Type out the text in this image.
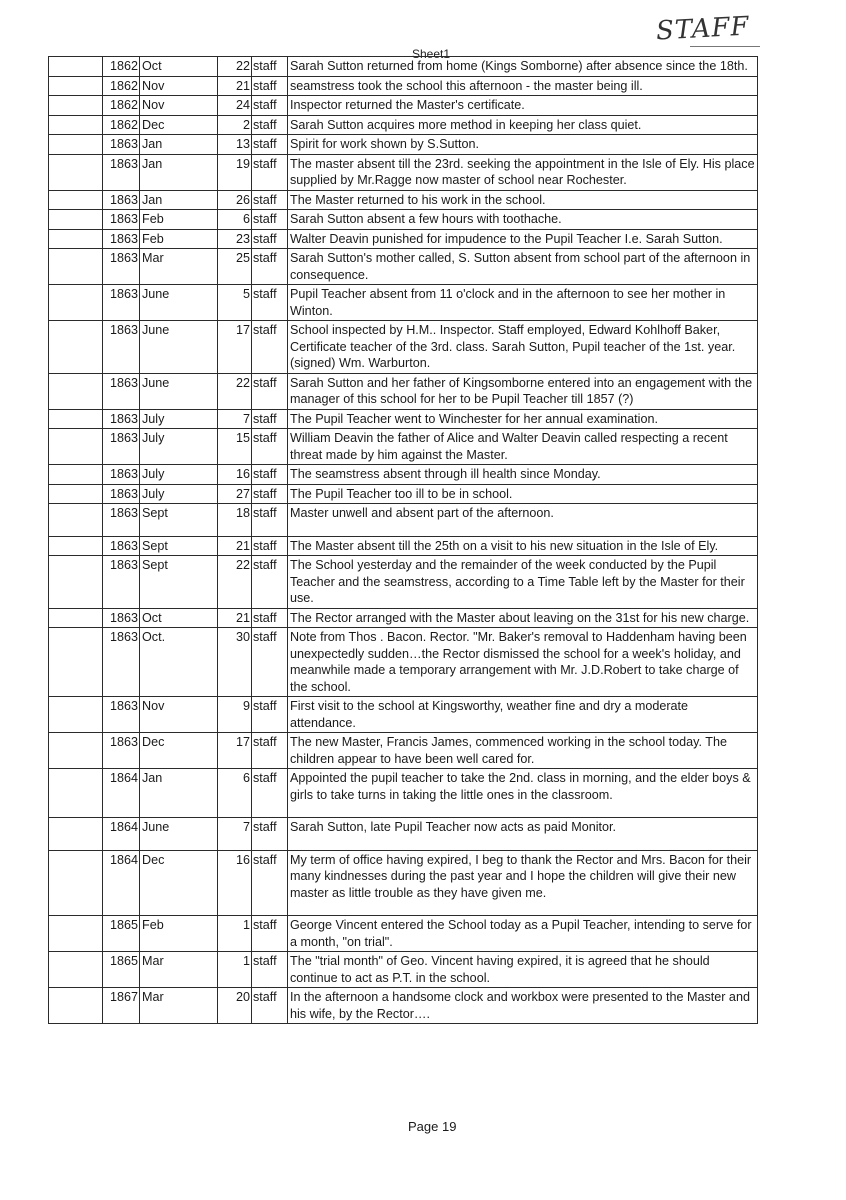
STAFF
Sheet1
	1862	Oct	22	staff	Sarah Sutton returned from home (Kings Somborne) after absence since the 18th.
	1862	Nov	21	staff	seamstress took the school this afternoon - the master being ill.
	1862	Nov	24	staff	Inspector returned the Master's certificate.
	1862	Dec	2	staff	Sarah Sutton acquires more method in keeping her class quiet.
	1863	Jan	13	staff	Spirit for work shown by S.Sutton.
	1863	Jan	19	staff	The master absent till the 23rd. seeking the appointment in the Isle of Ely. His place supplied by Mr.Ragge now master of school near Rochester.
	1863	Jan	26	staff	The Master returned to his work in the school.
	1863	Feb	6	staff	Sarah Sutton absent a few hours with toothache.
	1863	Feb	23	staff	Walter Deavin punished for impudence to the Pupil Teacher I.e. Sarah Sutton.
	1863	Mar	25	staff	Sarah Sutton's mother called, S. Sutton absent from school part of the afternoon in consequence.
	1863	June	5	staff	Pupil Teacher absent from 11 o'clock and in the afternoon to see her mother in Winton.
	1863	June	17	staff	School inspected by H.M.. Inspector. Staff employed, Edward Kohlhoff Baker, Certificate teacher of the 3rd. class. Sarah Sutton, Pupil teacher of the 1st. year. (signed) Wm. Warburton.
	1863	June	22	staff	Sarah Sutton and her father of Kingsomborne entered into an engagement with the manager of this school for her to be Pupil Teacher till 1857 (?)
	1863	July	7	staff	The Pupil Teacher went to Winchester for her annual examination.
	1863	July	15	staff	William Deavin the father of Alice and Walter Deavin called respecting a recent threat made by him against the Master.
	1863	July	16	staff	The seamstress absent through ill health since Monday.
	1863	July	27	staff	The Pupil Teacher too ill to be in school.
	1863	Sept	18	staff	Master unwell and absent part of the afternoon.
	1863	Sept	21	staff	The Master absent till the 25th on a visit to his new situation in the Isle of Ely.
	1863	Sept	22	staff	The School yesterday and the remainder of the week conducted by the Pupil Teacher and the seamstress, according to a Time Table left by the Master for their use.
	1863	Oct	21	staff	The Rector arranged with the Master about leaving on the 31st for his new charge.
	1863	Oct.	30	staff	Note from Thos . Bacon. Rector. "Mr. Baker's removal to Haddenham having been unexpectedly sudden…the Rector dismissed the school for a week's holiday, and meanwhile made a temporary arrangement with Mr. J.D.Robert to take charge of the school.
	1863	Nov	9	staff	First visit to the school at Kingsworthy, weather fine and dry a moderate attendance.
	1863	Dec	17	staff	The new Master, Francis James, commenced working in the school today. The children appear to have been well cared for.
	1864	Jan	6	staff	Appointed the pupil teacher to take the 2nd. class in morning, and the elder boys & girls to take turns in taking the little ones in the classroom.
	1864	June	7	staff	Sarah Sutton, late Pupil Teacher now acts as paid Monitor.
	1864	Dec	16	staff	My term of office having expired, I beg to thank the Rector and Mrs. Bacon for their many kindnesses during the past year and I hope the children will give their new master as little trouble as they have given me.
	1865	Feb	1	staff	George Vincent entered the School today as a Pupil Teacher, intending to serve for a month, "on trial".
	1865	Mar	1	staff	The "trial month" of Geo. Vincent having expired, it is agreed that he should continue to act as P.T. in the school.
	1867	Mar	20	staff	In the afternoon a handsome clock and workbox were presented to the Master and his wife, by the Rector….
Page 19
